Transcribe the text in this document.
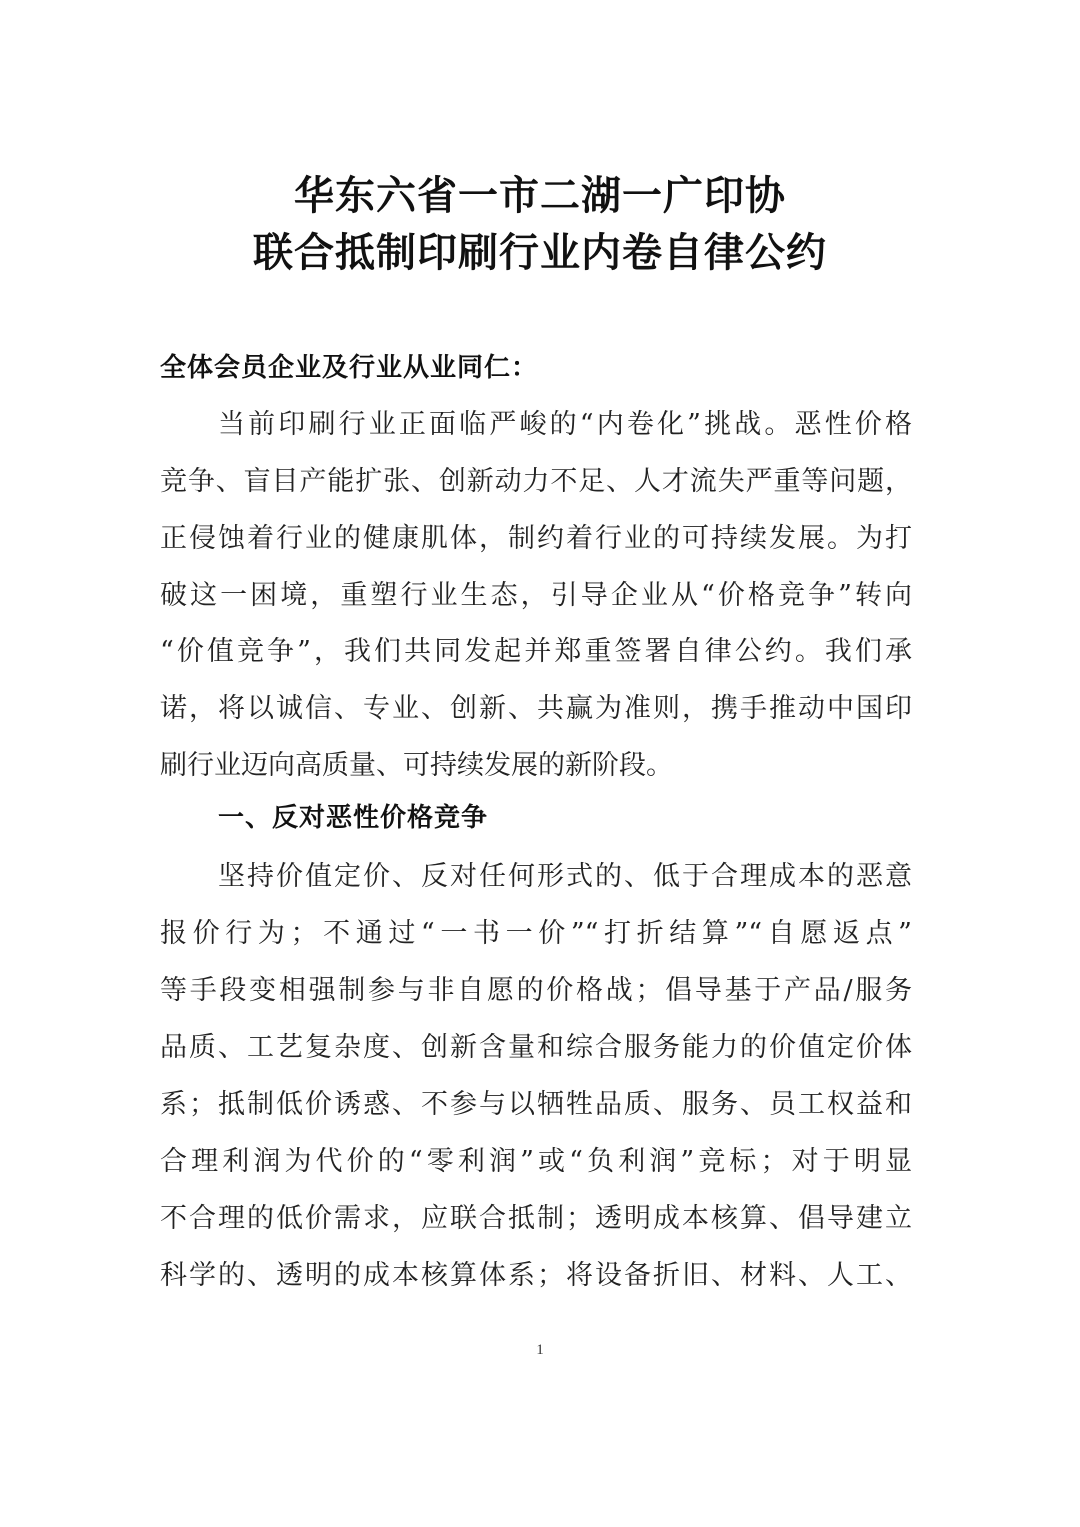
华东六省一市二湖一广印协
联合抵制印刷行业内卷自律公约
全体会员企业及行业从业同仁：
当前印刷行业正面临严峻的“内卷化”挑战。恶性价格
竞争、盲目产能扩张、创新动力不足、人才流失严重等问题，
正侵蚀着行业的健康肌体，制约着行业的可持续发展。为打
破这一困境，重塑行业生态，引导企业从“价格竞争”转向
“价值竞争”，我们共同发起并郑重签署自律公约。我们承
诺，将以诚信、专业、创新、共赢为准则，携手推动中国印
刷行业迈向高质量、可持续发展的新阶段。
一、反对恶性价格竞争
坚持价值定价、反对任何形式的、低于合理成本的恶意
报价行为；不通过“一书一价”“打折结算”“自愿返点”
等手段变相强制参与非自愿的价格战；倡导基于产品/服务
品质、工艺复杂度、创新含量和综合服务能力的价值定价体
系；抵制低价诱惑、不参与以牺牲品质、服务、员工权益和
合理利润为代价的“零利润”或“负利润”竞标；对于明显
不合理的低价需求，应联合抵制；透明成本核算、倡导建立
科学的、透明的成本核算体系；将设备折旧、材料、人工、
1
